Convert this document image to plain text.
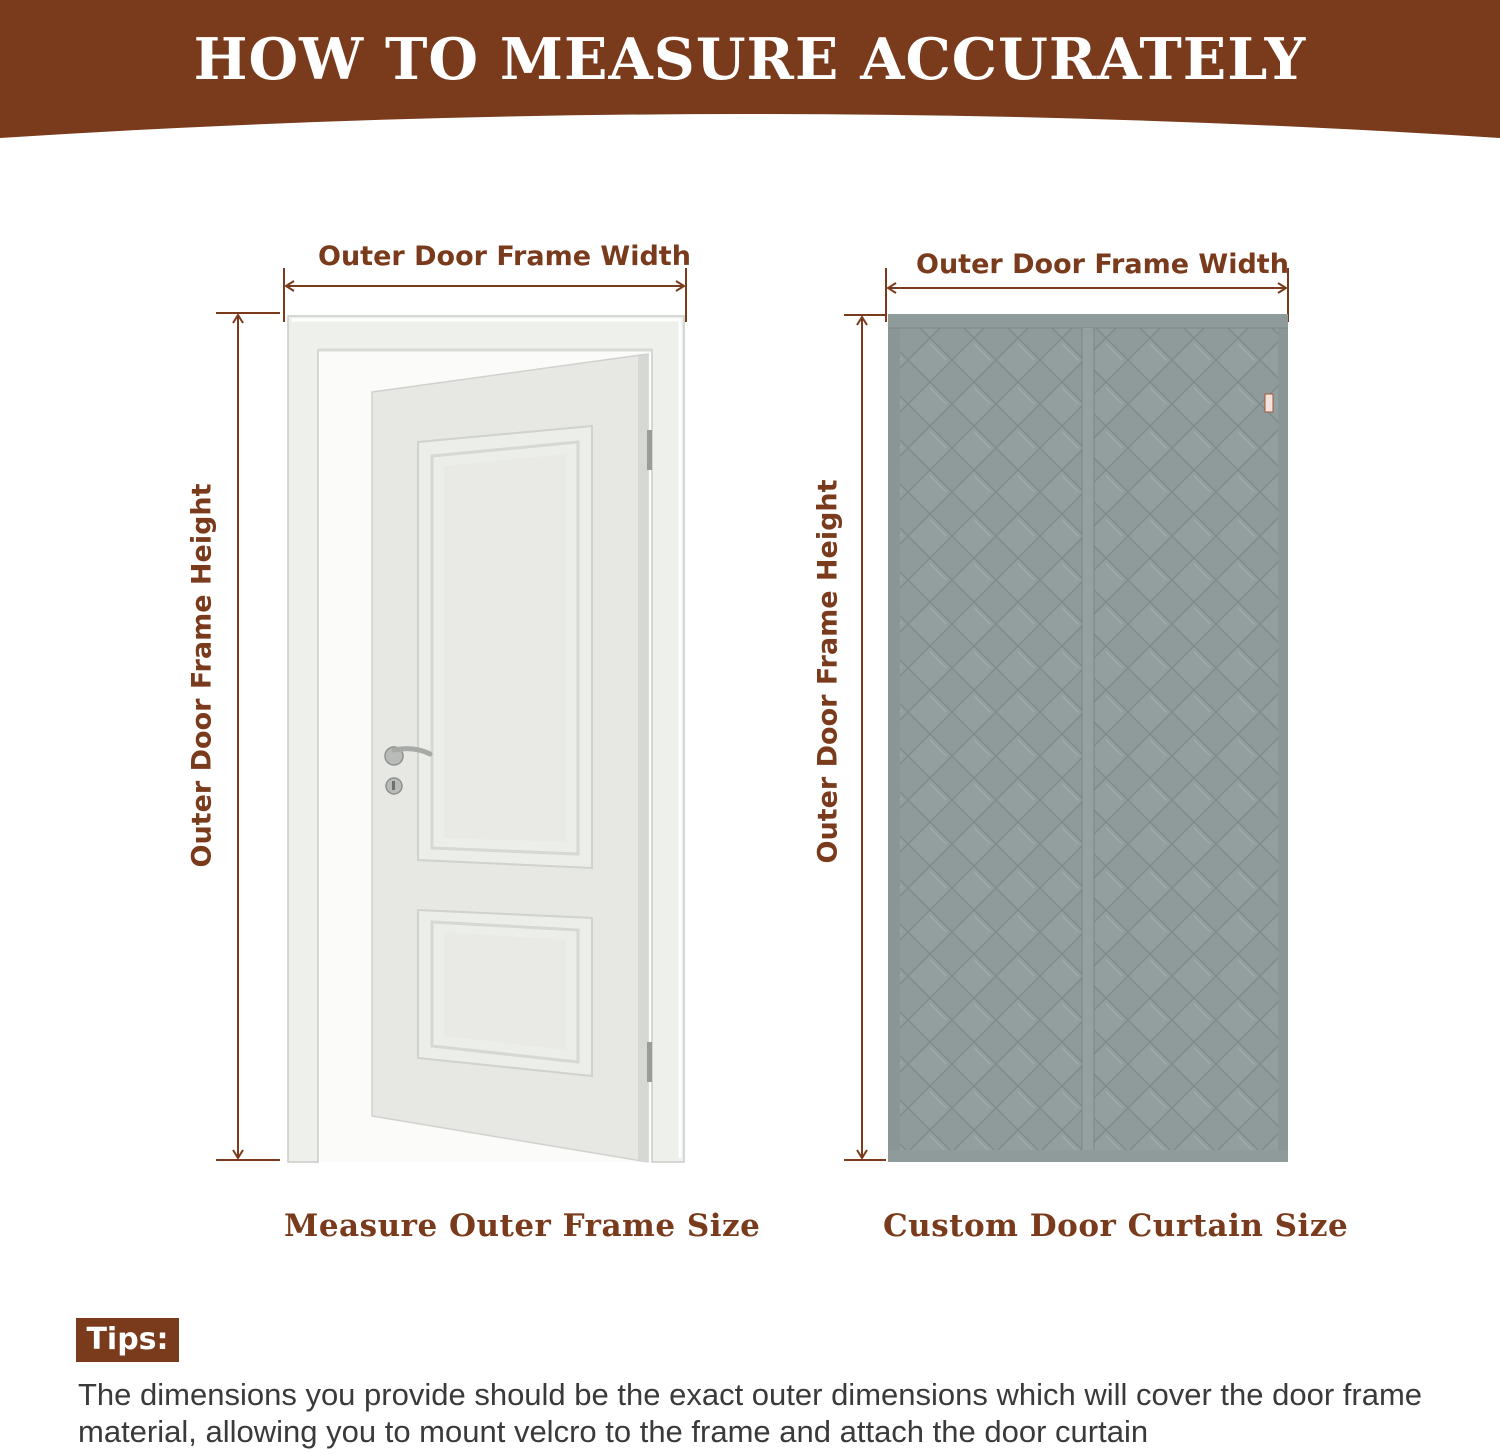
HOW TO MEASURE ACCURATELY
Outer Door Frame Width
Outer Door Frame Height
Measure Outer Frame Size
Outer Door Frame Width
Outer Door Frame Height
Custom Door Curtain Size
Tips:
The dimensions you provide should be the exact outer dimensions which will cover the door frame material, allowing you to mount velcro to the frame and attach the door curtain
